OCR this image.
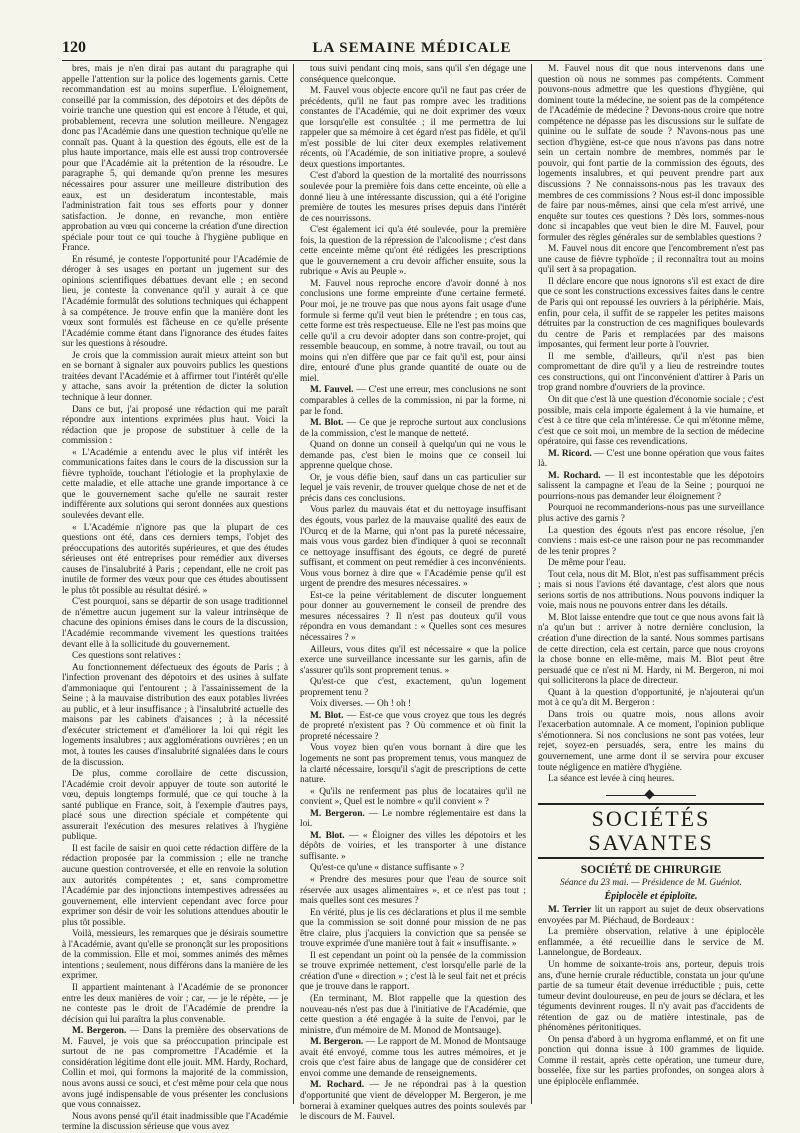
120	LA SEMAINE MÉDICALE

bres, mais je n'en dirai pas autant du paragraphe qui appelle l'attention sur la police des logements garnis. Cette recommandation est au moins superflue. L'éloignement, conseillé par la commission, des dépotoirs et des dépôts de voirie tranche une question qui est encore à l'étude, et qui, probablement, recevra une solution meilleure. N'engagez donc pas l'Académie dans une question technique qu'elle ne connaît pas. Quant à la question des égouts, elle est de la plus haute importance, mais elle est aussi trop controversée pour que l'Académie ait la prétention de la résoudre. Le paragraphe 5, qui demande qu'on prenne les mesures nécessaires pour assurer une meilleure distribution des eaux, est un desideratum incontestable, mais l'administration fait tous ses efforts pour y donner satisfaction. Je donne, en revanche, mon entière approbation au vœu qui concerne la création d'une direction spéciale pour tout ce qui touche à l'hygiène publique en France.

En résumé, je conteste l'opportunité pour l'Académie de déroger à ses usages en portant un jugement sur des opinions scientifiques débattues devant elle ; en second lieu, je conteste la convenance qu'il y aurait à ce que l'Académie formulât des solutions techniques qui échappent à sa compétence. Je trouve enfin que la manière dont les vœux sont formulés est fâcheuse en ce qu'elle présente l'Académie comme étant dans l'ignorance des études faites sur les questions à résoudre.

Je crois que la commission aurait mieux atteint son but en se bornant à signaler aux pouvoirs publics les questions traitées devant l'Académie et à affirmer tout l'intérêt qu'elle y attache, sans avoir la prétention de dicter la solution technique à leur donner.

Dans ce but, j'ai proposé une rédaction qui me paraît répondre aux intentions exprimées plus haut. Voici la rédaction que je propose de substituer à celle de la commission :

« L'Académie a entendu avec le plus vif intérêt les communications faites dans le cours de la discussion sur la fièvre typhoïde, touchant l'étiologie et la prophylaxie de cette maladie, et elle attache une grande importance à ce que le gouvernement sache qu'elle ne saurait rester indifférente aux solutions qui seront données aux questions soulevées devant elle.

« L'Académie n'ignore pas que la plupart de ces questions ont été, dans ces derniers temps, l'objet des préoccupations des autorités supérieures, et que des études sérieuses ont été entreprises pour remédier aux diverses causes de l'insalubrité à Paris ; cependant, elle ne croit pas inutile de former des vœux pour que ces études aboutissent le plus tôt possible au résultat désiré. »

C'est pourquoi, sans se départir de son usage traditionnel de n'émettre aucun jugement sur la valeur intrinsèque de chacune des opinions émises dans le cours de la discussion, l'Académie recommande vivement les questions traitées devant elle à la sollicitude du gouvernement.

Ces questions sont relatives :

Au fonctionnement défectueux des égouts de Paris ; à l'infection provenant des dépotoirs et des usines à sulfate d'ammoniaque qui l'entourent ; à l'assainissement de la Seine ; à la mauvaise distribution des eaux potables livrées au public, et à leur insuffisance ; à l'insalubrité actuelle des maisons par les cabinets d'aisances ; à la nécessité d'exécuter strictement et d'améliorer la loi qui régit les logements insalubres ; aux agglomérations ouvrières ; en un mot, à toutes les causes d'insalubrité signalées dans le cours de la discussion.

De plus, comme corollaire de cette discussion, l'Académie croit devoir appuyer de toute son autorité le vœu, depuis longtemps formulé, que ce qui touche à la santé publique en France, soit, à l'exemple d'autres pays, placé sous une direction spéciale et compétente qui assurerait l'exécution des mesures relatives à l'hygiène publique.

Il est facile de saisir en quoi cette rédaction diffère de la rédaction proposée par la commission ; elle ne tranche aucune question controversée, et elle en renvoie la solution aux autorités compétentes ; et, sans compromettre l'Académie par des injonctions intempestives adressées au gouvernement, elle intervient cependant avec force pour exprimer son désir de voir les solutions attendues aboutir le plus tôt possible.

Voilà, messieurs, les remarques que je désirais soumettre à l'Académie, avant qu'elle se prononçât sur les propositions de la commission. Elle et moi, sommes animés des mêmes intentions ; seulement, nous différons dans la manière de les exprimer.

Il appartient maintenant à l'Académie de se prononcer entre les deux manières de voir ; car, — je le répète, — je ne conteste pas le droit de l'Académie de prendre la décision qui lui paraîtra la plus convenable.

M. Bergeron. — Dans la première des observations de M. Fauvel, je vois que sa préoccupation principale est surtout de ne pas compromettre l'Académie et la considération légitime dont elle jouit. MM. Hardy, Rochard, Collin et moi, qui formons la majorité de la commission, nous avons aussi ce souci, et c'est même pour cela que nous avons jugé indispensable de vous présenter les conclusions que vous connaissez.

Nous avons pensé qu'il était inadmissible que l'Académie termine la discussion sérieuse que vous avez

tous suivi pendant cinq mois, sans qu'il s'en dégage une conséquence quelconque.

M. Fauvel vous objecte encore qu'il ne faut pas créer de précédents, qu'il ne faut pas rompre avec les traditions constantes de l'Académie, qui ne doit exprimer des vœux que lorsqu'elle est consultée ; il me permettra de lui rappeler que sa mémoire à cet égard n'est pas fidèle, et qu'il m'est possible de lui citer deux exemples relativement récents, où l'Académie, de son initiative propre, a soulevé deux questions importantes.

C'est d'abord la question de la mortalité des nourrissons soulevée pour la première fois dans cette enceinte, où elle a donné lieu à une intéressante discussion, qui a été l'origine première de toutes les mesures prises depuis dans l'intérêt de ces nourrissons.

C'est également ici qu'a été soulevée, pour la première fois, la question de la répression de l'alcoolisme ; c'est dans cette enceinte même qu'ont été rédigées les prescriptions que le gouvernement a cru devoir afficher ensuite, sous la rubrique « Avis au Peuple ».

M. Fauvel nous reproche encore d'avoir donné à nos conclusions une forme empreinte d'une certaine fermeté. Pour moi, je ne trouve pas que nous ayons fait usage d'une formule si ferme qu'il veut bien le prétendre ; en tous cas, cette forme est très respectueuse. Elle ne l'est pas moins que celle qu'il a cru devoir adopter dans son contre-projet, qui ressemble beaucoup, en somme, à notre travail, ou tout au moins qui n'en diffère que par ce fait qu'il est, pour ainsi dire, entouré d'une plus grande quantité de ouate ou de miel.

M. Fauvel. — C'est une erreur, mes conclusions ne sont comparables à celles de la commission, ni par la forme, ni par le fond.

M. Blot. — Ce que je reproche surtout aux conclusions de la commission, c'est le manque de netteté.

Quand on donne un conseil à quelqu'un qui ne vous le demande pas, c'est bien le moins que ce conseil lui apprenne quelque chose.

Or, je vous défie bien, sauf dans un cas particulier sur lequel je vais revenir, de trouver quelque chose de net et de précis dans ces conclusions.

Vous parlez du mauvais état et du nettoyage insuffisant des égouts, vous parlez de la mauvaise qualité des eaux de l'Ourcq et de la Marne, qui n'ont pas la pureté nécessaire, mais vous vous gardez bien d'indiquer à quoi se reconnaît ce nettoyage insuffisant des égouts, ce degré de pureté suffisant, et comment on peut remédier à ces inconvénients. Vous vous bornez à dire que « l'Académie pense qu'il est urgent de prendre des mesures nécessaires. »

Est-ce la peine véritablement de discuter longuement pour donner au gouvernement le conseil de prendre des mesures nécessaires ? Il n'est pas douteux qu'il vous répondra en vous demandant : « Quelles sont ces mesures nécessaires ? »

Ailleurs, vous dites qu'il est nécessaire « que la police exerce une surveillance incessante sur les garnis, afin de s'assurer qu'ils sont proprement tenus. »

Qu'est-ce que c'est, exactement, qu'un logement proprement tenu ?

Voix diverses. — Oh ! oh !

M. Blot. — Est-ce que vous croyez que tous les degrés de propreté n'existent pas ? Où commence et où finit la propreté nécessaire ?

Vous voyez bien qu'en vous bornant à dire que les logements ne sont pas proprement tenus, vous manquez de la clarté nécessaire, lorsqu'il s'agit de prescriptions de cette nature.

« Qu'ils ne renferment pas plus de locataires qu'il ne convient », Quel est le nombre « qu'il convient » ?

M. Bergeron. — Le nombre réglementaire est dans la loi.

M. Blot. — « Éloigner des villes les dépotoirs et les dépôts de voiries, et les transporter à une distance suffisante. »

Qu'est-ce qu'une « distance suffisante » ?

« Prendre des mesures pour que l'eau de source soit réservée aux usages alimentaires », et ce n'est pas tout ; mais quelles sont ces mesures ?

En vérité, plus je lis ces déclarations et plus il me semble que la commission se soit donné pour mission de ne pas être claire, plus j'acquiers la conviction que sa pensée se trouve exprimée d'une manière tout à fait « insuffisante. »

Il est cependant un point où la pensée de la commission se trouve exprimée nettement, c'est lorsqu'elle parle de la création d'une « direction » ; c'est là le seul fait net et précis que je trouve dans le rapport.

(En terminant, M. Blot rappelle que la question des nouveau-nés n'est pas due à l'initiative de l'Académie, que cette question a été engagée à la suite de l'envoi, par le ministre, d'un mémoire de M. Monod de Montsauge).

M. Bergeron. — Le rapport de M. Monod de Montsauge avait été envoyé, comme tous les autres mémoires, et je crois que c'est faire abus de langage que de considérer cet envoi comme une demande de renseignements.

M. Rochard. — Je ne répondrai pas à la question d'opportunité que vient de développer M. Bergeron, je me bornerai à examiner quelques autres des points soulevés par le discours de M. Fauvel.

M. Fauvel nous dit que nous intervenons dans une question où nous ne sommes pas compétents. Comment pouvons-nous admettre que les questions d'hygiène, qui dominent toute la médecine, ne soient pas de la compétence de l'Académie de médecine ? Devons-nous croire que notre compétence ne dépasse pas les discussions sur le sulfate de quinine ou le sulfate de soude ? N'avons-nous pas une section d'hygiène, est-ce que nous n'avons pas dans notre sein un certain nombre de membres, nommés par le pouvoir, qui font partie de la commission des égouts, des logements insalubres, et qui peuvent prendre part aux discussions ? Ne connaissons-nous pas les travaux des membres de ces commissions ? Nous est-il donc impossible de faire par nous-mêmes, ainsi que cela m'est arrivé, une enquête sur toutes ces questions ? Dès lors, sommes-nous donc si incapables que veut bien le dire M. Fauvel, pour formuler des règles générales sur de semblables questions ?

M. Fauvel nous dit encore que l'encombrement n'est pas une cause de fièvre typhoïde ; il reconnaîtra tout au moins qu'il sert à sa propagation.

Il déclare encore que nous ignorons s'il est exact de dire que ce sont les constructions excessives faites dans le centre de Paris qui ont repoussé les ouvriers à la périphérie. Mais, enfin, pour cela, il suffit de se rappeler les petites maisons détruites par la construction de ces magnifiques boulevards du centre de Paris et remplacées par des maisons imposantes, qui ferment leur porte à l'ouvrier.

Il me semble, d'ailleurs, qu'il n'est pas bien compromettant de dire qu'il y a lieu de restreindre toutes ces constructions, qui ont l'inconvénient d'attirer à Paris un trop grand nombre d'ouvriers de la province.

On dit que c'est là une question d'économie sociale ; c'est possible, mais cela importe également à la vie humaine, et c'est à ce titre que cela m'intéresse. Ce qui m'étonne même, c'est que ce soit moi, un membre de la section de médecine opératoire, qui fasse ces revendications.

M. Ricord. — C'est une bonne opération que vous faites là.

M. Rochard. — Il est incontestable que les dépotoirs salissent la campagne et l'eau de la Seine ; pourquoi ne pourrions-nous pas demander leur éloignement ?

Pourquoi ne recommanderions-nous pas une surveillance plus active des garnis ?

La question des égouts n'est pas encore résolue, j'en conviens : mais est-ce une raison pour ne pas recommander de les tenir propres ?

De même pour l'eau.

Tout cela, nous dit M. Blot, n'est pas suffisamment précis ; mais si nous l'avions été davantage, c'est alors que nous serions sortis de nos attributions. Nous pouvons indiquer la voie, mais nous ne pouvons entrer dans les détails.

M. Blot laisse entendre que tout ce que nous avons fait là n'a qu'un but : arriver à notre dernière conclusion, la création d'une direction de la santé. Nous sommes partisans de cette direction, cela est certain, parce que nous croyons la chose bonne en elle-même, mais M. Blot peut être persuadé que ce n'est ni M. Hardy, ni M. Bergeron, ni moi qui solliciterons la place de directeur.

Quant à la question d'opportunité, je n'ajouterai qu'un mot à ce qu'a dit M. Bergeron :

Dans trois ou quatre mois, nous allons avoir l'exacerbation automnale. A ce moment, l'opinion publique s'émotionnera. Si nos conclusions ne sont pas votées, leur rejet, soyez-en persuadés, sera, entre les mains du gouvernement, une arme dont il se servira pour excuser toute négligence en matière d'hygiène.

La séance est levée à cinq heures.

SOCIÉTÉS SAVANTES
SOCIÉTÉ DE CHIRURGIE
Séance du 23 mai. — Présidence de M. Guéniot.
Épiplocèle et épiploïte.

M. Terrier lit un rapport au sujet de deux observations envoyées par M. Piéchaud, de Bordeaux :

La première observation, relative à une épiplocèle enflammée, a été recueillie dans le service de M. Lannelongue, de Bordeaux.

Un homme de soixante-trois ans, porteur, depuis trois ans, d'une hernie crurale réductible, constata un jour qu'une partie de sa tumeur était devenue irréductible ; puis, cette tumeur devint douloureuse, en peu de jours se déclara, et les téguments devinrent rouges. Il n'y avait pas d'accidents de rétention de gaz ou de matière intestinale, pas de phénomènes péritonitiques.

On pensa d'abord à un hygroma enflammé, et on fit une ponction qui donna issue à 100 grammes de liquide. Comme il restait, après cette opération, une tumeur dure, bosselée, fixe sur les parties profondes, on songea alors à une épiplocèle enflammée.
